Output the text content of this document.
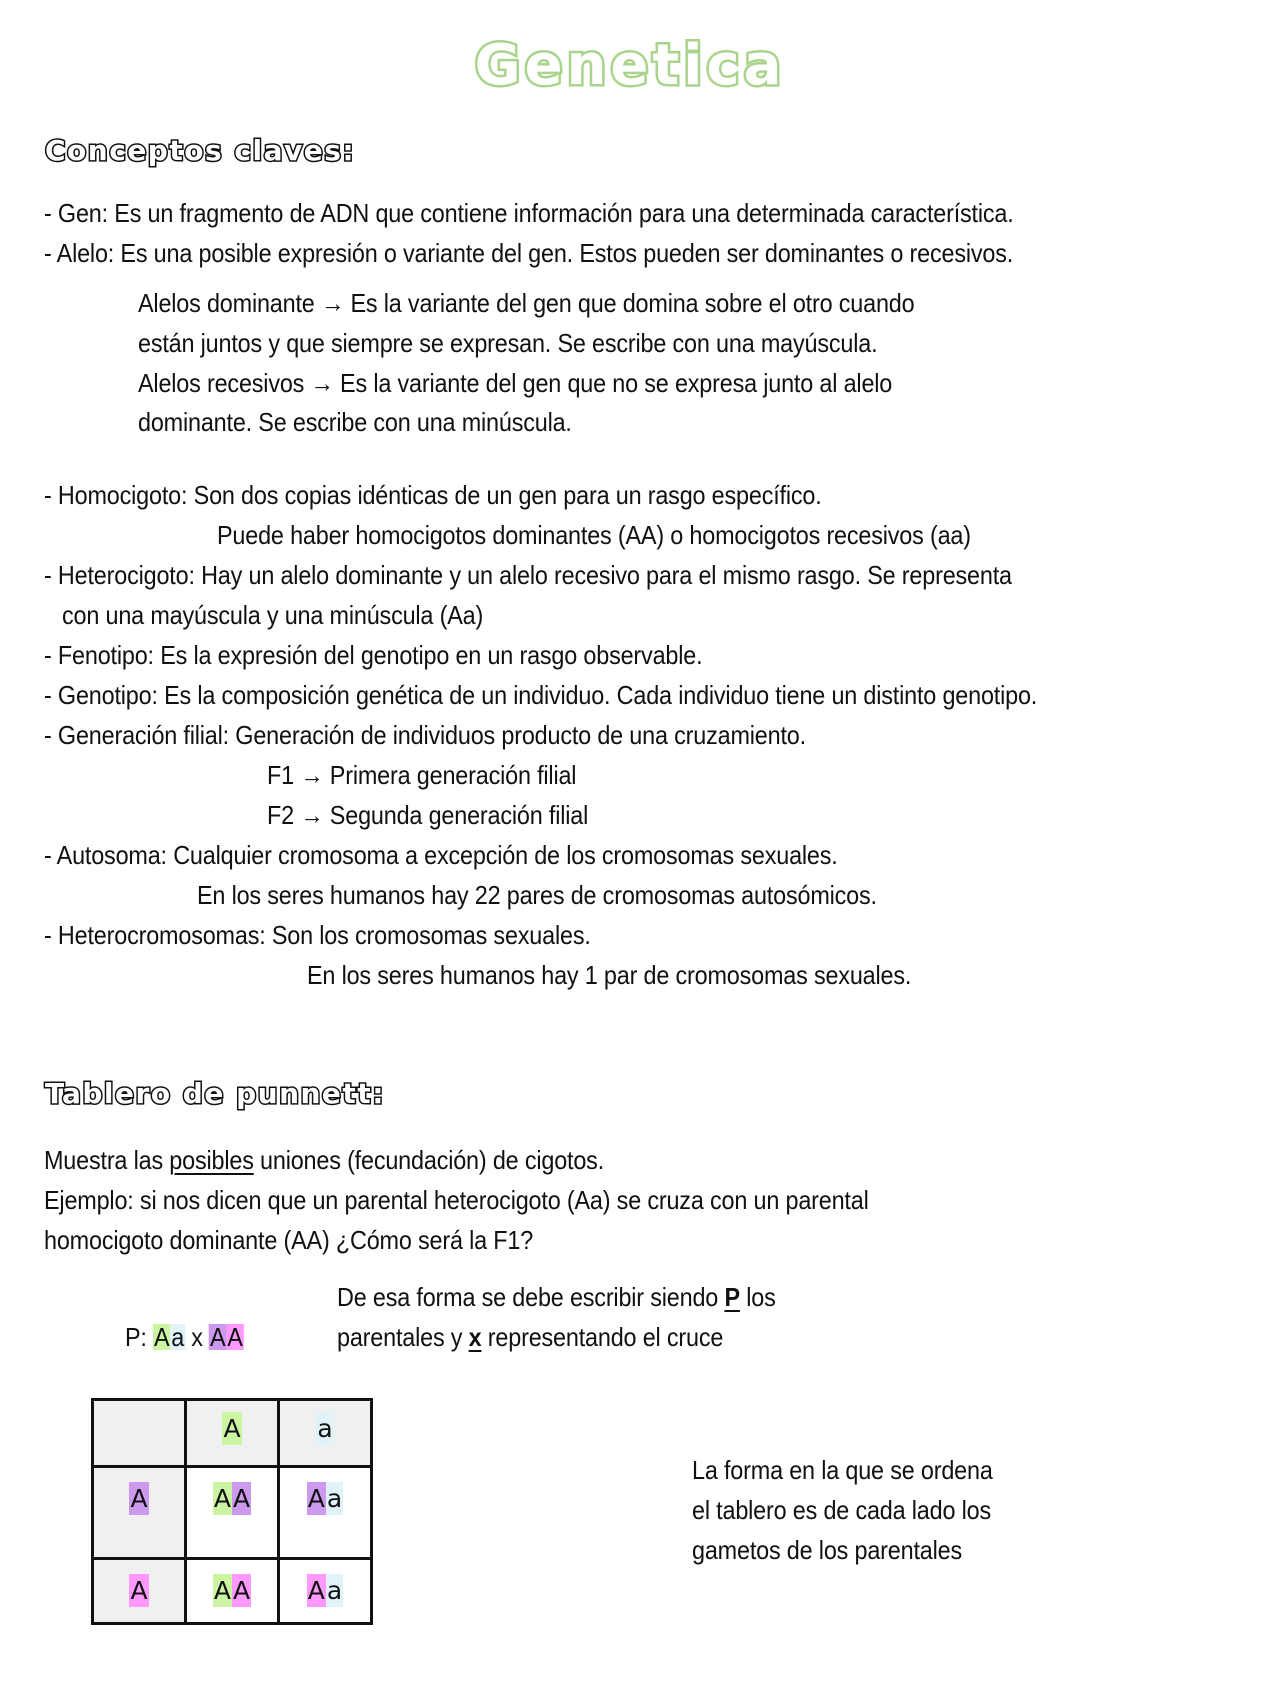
Genetica
Conceptos claves:
- Gen: Es un fragmento de ADN que contiene información para una determinada característica.
- Alelo: Es una posible expresión o variante del gen. Estos pueden ser dominantes o recesivos.
Alelos dominante → Es la variante del gen que domina sobre el otro cuando
están juntos y que siempre se expresan. Se escribe con una mayúscula.
Alelos recesivos → Es la variante del gen que no se expresa junto al alelo
dominante. Se escribe con una minúscula.
- Homocigoto: Son dos copias idénticas de un gen para un rasgo específico.
Puede haber homocigotos dominantes (AA) o homocigotos recesivos (aa)
- Heterocigoto: Hay un alelo dominante y un alelo recesivo para el mismo rasgo. Se representa
con una mayúscula y una minúscula (Aa)
- Fenotipo: Es la expresión del genotipo en un rasgo observable.
- Genotipo: Es la composición genética de un individuo. Cada individuo tiene un distinto genotipo.
- Generación filial: Generación de individuos producto de una cruzamiento.
F1 → Primera generación filial
F2 → Segunda generación filial
- Autosoma: Cualquier cromosoma a excepción de los cromosomas sexuales.
En los seres humanos hay 22 pares de cromosomas autosómicos.
- Heterocromosomas: Son los cromosomas sexuales.
En los seres humanos hay 1 par de cromosomas sexuales.
Tablero de punnett:
Muestra las posibles uniones (fecundación) de cigotos.
Ejemplo: si nos dicen que un parental heterocigoto (Aa) se cruza con un parental
homocigoto dominante (AA) ¿Cómo será la F1?
P: Aa x AA
De esa forma se debe escribir siendo P los
parentales y x representando el cruce
	A	a
A	AA	Aa
A	AA	Aa
La forma en la que se ordena
el tablero es de cada lado los
gametos de los parentales
